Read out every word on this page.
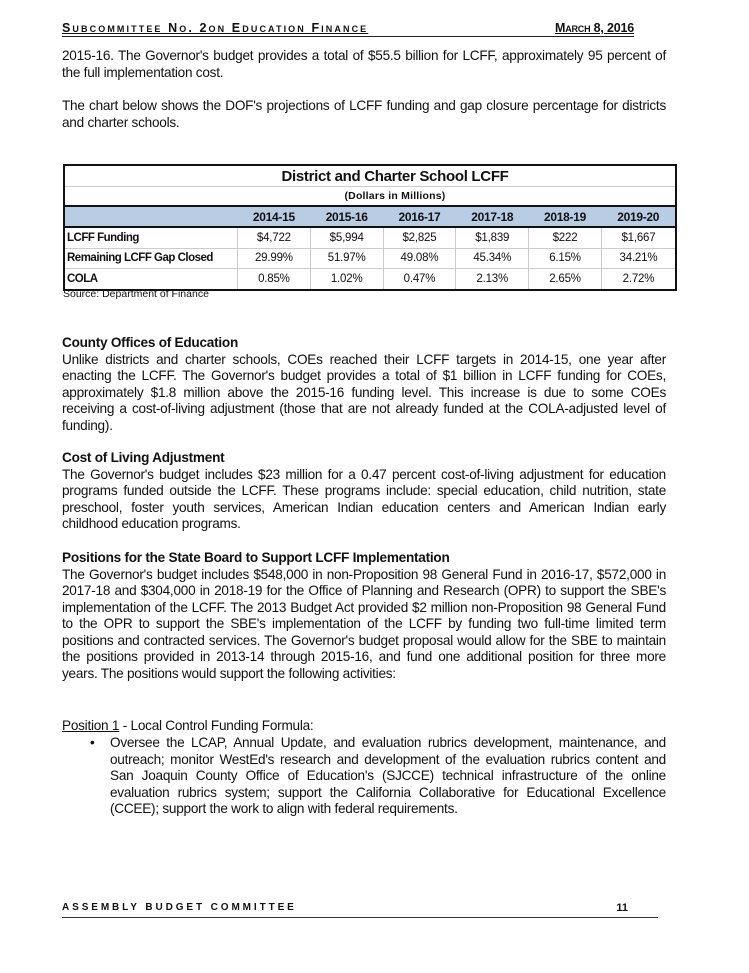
Subcommittee No. 2on Education Finance	March 8, 2016
2015-16. The Governor's budget provides a total of $55.5 billion for LCFF, approximately 95 percent of the full implementation cost.
The chart below shows the DOF's projections of LCFF funding and gap closure percentage for districts and charter schools.
District and Charter School LCFF						
(Dollars in Millions)						
	2014-15	2015-16	2016-17	2017-18	2018-19	2019-20
LCFF Funding	$4,722	$5,994	$2,825	$1,839	$222	$1,667
Remaining LCFF Gap Closed	29.99%	51.97%	49.08%	45.34%	6.15%	34.21%
COLA	0.85%	1.02%	0.47%	2.13%	2.65%	2.72%
Source: Department of Finance
County Offices of Education
Unlike districts and charter schools, COEs reached their LCFF targets in 2014-15, one year after enacting the LCFF. The Governor's budget provides a total of $1 billion in LCFF funding for COEs, approximately $1.8 million above the 2015-16 funding level. This increase is due to some COEs receiving a cost-of-living adjustment (those that are not already funded at the COLA-adjusted level of funding).
Cost of Living Adjustment
The Governor's budget includes $23 million for a 0.47 percent cost-of-living adjustment for education programs funded outside the LCFF. These programs include: special education, child nutrition, state preschool, foster youth services, American Indian education centers and American Indian early childhood education programs.
Positions for the State Board to Support LCFF Implementation
The Governor's budget includes $548,000 in non-Proposition 98 General Fund in 2016-17, $572,000 in 2017-18 and $304,000 in 2018-19 for the Office of Planning and Research (OPR) to support the SBE's implementation of the LCFF. The 2013 Budget Act provided $2 million non-Proposition 98 General Fund to the OPR to support the SBE's implementation of the LCFF by funding two full-time limited term positions and contracted services. The Governor's budget proposal would allow for the SBE to maintain the positions provided in 2013-14 through 2015-16, and fund one additional position for three more years. The positions would support the following activities:
Position 1 - Local Control Funding Formula:
• Oversee the LCAP, Annual Update, and evaluation rubrics development, maintenance, and outreach; monitor WestEd's research and development of the evaluation rubrics content and San Joaquin County Office of Education's (SJCCE) technical infrastructure of the online evaluation rubrics system; support the California Collaborative for Educational Excellence (CCEE); support the work to align with federal requirements.
ASSEMBLY BUDGET COMMITTEE	11
